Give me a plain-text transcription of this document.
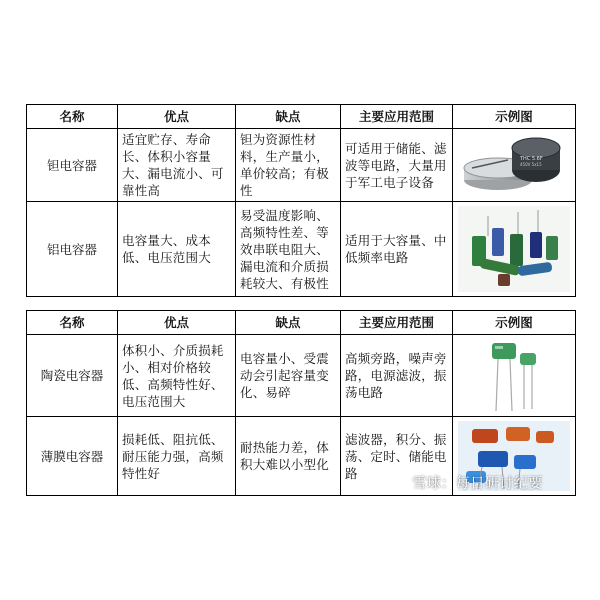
名称	优点	缺点	主要应用范围	示例图
钽电容器	适宜贮存、寿命长、体积小容量大、漏电流小、可靠性高	钽为资源性材料，生产量小，单价较高；有极性	可适用于储能、滤波等电路，大量用于军工电子设备	THC 5.6F
450V 5x15

铝电容器	电容量大、成本低、电压范围大	易受温度影响、高频特性差、等效串联电阻大、漏电流和介质损耗较大、有极性	适用于大容量、中低频率电路	
名称	优点	缺点	主要应用范围	示例图
陶瓷电容器	体积小、介质损耗小、相对价格较低、高频特性好、电压范围大	电容量小、受震动会引起容量变化、易碎	高频旁路，噪声旁路，电源滤波，振荡电路	

薄膜电容器	损耗低、阻抗低、耐压能力强，高频特性好	耐热能力差，体积大难以小型化	滤波器，积分、振荡、定时、储能电路	
雪球：每日研讨纪要
